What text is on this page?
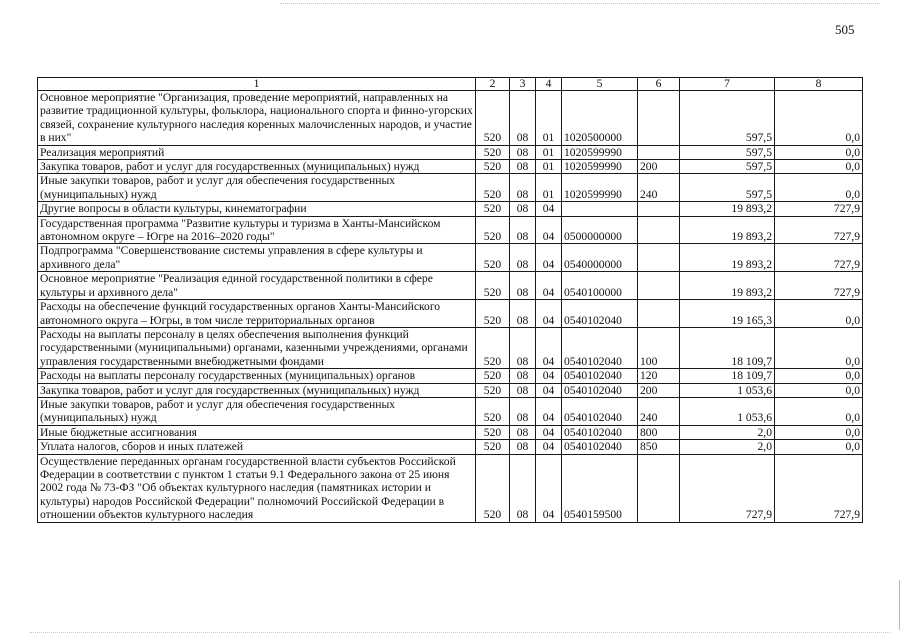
505
1	2	3	4	5	6	7	8
Основное мероприятие "Организация, проведение мероприятий, направленных на развитие традиционной культуры, фольклора, национального спорта и финно-угорских связей, сохранение культурного наследия коренных малочисленных народов, и участие в них"	520	08	01	1020500000		597,5	0,0
Реализация мероприятий	520	08	01	1020599990		597,5	0,0
Закупка товаров, работ и услуг для государственных (муниципальных) нужд	520	08	01	1020599990	200	597,5	0,0
Иные закупки товаров, работ и услуг для обеспечения государственных (муниципальных) нужд	520	08	01	1020599990	240	597,5	0,0
Другие вопросы в области культуры, кинематографии	520	08	04			19 893,2	727,9
Государственная программа "Развитие культуры и туризма в Ханты-Мансийском автономном округе – Югре на 2016–2020 годы"	520	08	04	0500000000		19 893,2	727,9
Подпрограмма "Совершенствование системы управления в сфере культуры и архивного дела"	520	08	04	0540000000		19 893,2	727,9
Основное мероприятие "Реализация единой государственной политики в сфере культуры и архивного дела"	520	08	04	0540100000		19 893,2	727,9
Расходы на обеспечение функций государственных органов Ханты-Мансийского автономного округа – Югры, в том числе территориальных органов	520	08	04	0540102040		19 165,3	0,0
Расходы на выплаты персоналу в целях обеспечения выполнения функций государственными (муниципальными) органами, казенными учреждениями, органами управления государственными внебюджетными фондами	520	08	04	0540102040	100	18 109,7	0,0
Расходы на выплаты персоналу государственных (муниципальных) органов	520	08	04	0540102040	120	18 109,7	0,0
Закупка товаров, работ и услуг для государственных (муниципальных) нужд	520	08	04	0540102040	200	1 053,6	0,0
Иные закупки товаров, работ и услуг для обеспечения государственных (муниципальных) нужд	520	08	04	0540102040	240	1 053,6	0,0
Иные бюджетные ассигнования	520	08	04	0540102040	800	2,0	0,0
Уплата налогов, сборов и иных платежей	520	08	04	0540102040	850	2,0	0,0
Осуществление переданных органам государственной власти субъектов Российской Федерации в соответствии с пунктом 1 статьи 9.1 Федерального закона от 25 июня 2002 года № 73-ФЗ "Об объектах культурного наследия (памятниках истории и культуры) народов Российской Федерации" полномочий Российской Федерации в отношении объектов культурного наследия	520	08	04	0540159500		727,9	727,9
